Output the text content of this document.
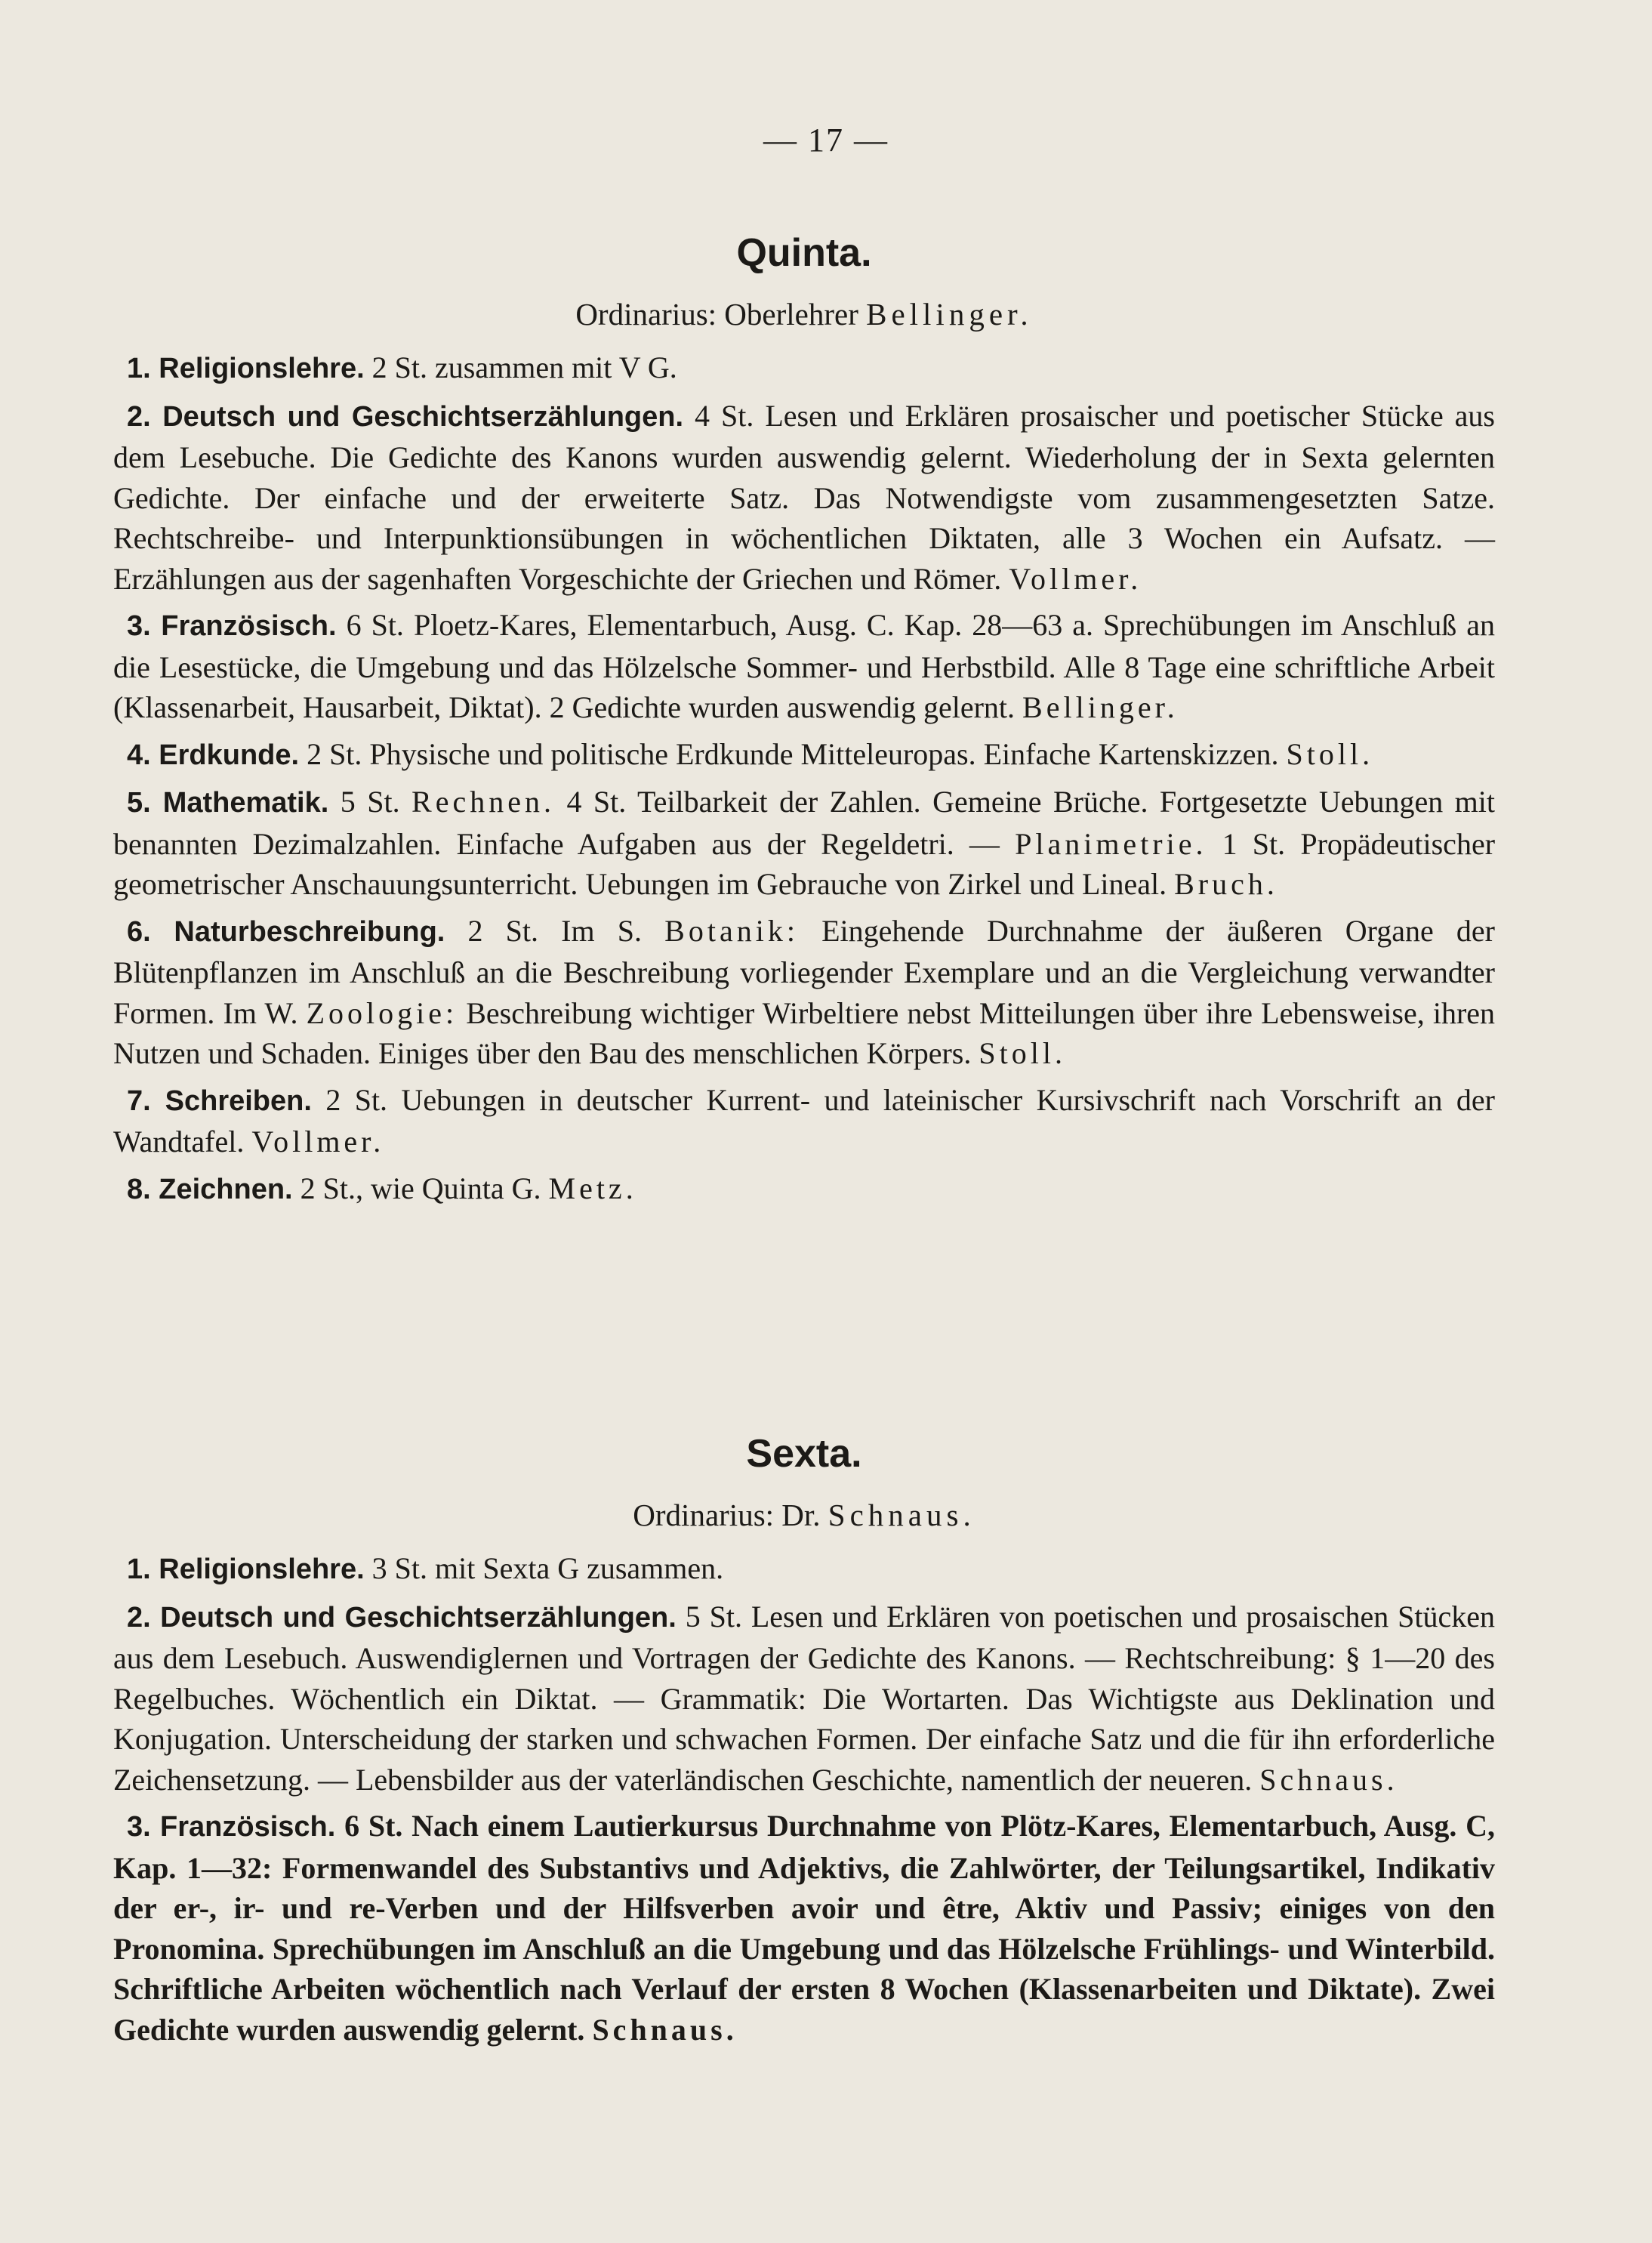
— 17 —
Quinta.
Ordinarius: Oberlehrer Bellinger.

1. Religionslehre. 2 St. zusammen mit V G.

2. Deutsch und Geschichtserzählungen. 4 St. Lesen und Erklären prosaischer und poetischer Stücke aus dem Lesebuche. Die Gedichte des Kanons wurden auswendig gelernt. Wiederholung der in Sexta gelernten Gedichte. Der einfache und der erweiterte Satz. Das Notwendigste vom zusammengesetzten Satze. Rechtschreibe- und Interpunktionsübungen in wöchentlichen Diktaten, alle 3 Wochen ein Aufsatz. — Erzählungen aus der sagenhaften Vorgeschichte der Griechen und Römer. Vollmer.

3. Französisch. 6 St. Ploetz-Kares, Elementarbuch, Ausg. C. Kap. 28—63 a. Sprechübungen im Anschluß an die Lesestücke, die Umgebung und das Hölzelsche Sommer- und Herbstbild. Alle 8 Tage eine schriftliche Arbeit (Klassenarbeit, Hausarbeit, Diktat). 2 Gedichte wurden auswendig gelernt. Bellinger.

4. Erdkunde. 2 St. Physische und politische Erdkunde Mitteleuropas. Einfache Kartenskizzen. Stoll.

5. Mathematik. 5 St. Rechnen. 4 St. Teilbarkeit der Zahlen. Gemeine Brüche. Fortgesetzte Uebungen mit benannten Dezimalzahlen. Einfache Aufgaben aus der Regeldetri. — Planimetrie. 1 St. Propädeutischer geometrischer Anschauungsunterricht. Uebungen im Gebrauche von Zirkel und Lineal. Bruch.

6. Naturbeschreibung. 2 St. Im S. Botanik: Eingehende Durchnahme der äußeren Organe der Blütenpflanzen im Anschluß an die Beschreibung vorliegender Exemplare und an die Vergleichung verwandter Formen. Im W. Zoologie: Beschreibung wichtiger Wirbeltiere nebst Mitteilungen über ihre Lebensweise, ihren Nutzen und Schaden. Einiges über den Bau des menschlichen Körpers. Stoll.

7. Schreiben. 2 St. Uebungen in deutscher Kurrent- und lateinischer Kursivschrift nach Vorschrift an der Wandtafel. Vollmer.

8. Zeichnen. 2 St., wie Quinta G. Metz.

Sexta.
Ordinarius: Dr. Schnaus.

1. Religionslehre. 3 St. mit Sexta G zusammen.

2. Deutsch und Geschichtserzählungen. 5 St. Lesen und Erklären von poetischen und prosaischen Stücken aus dem Lesebuch. Auswendiglernen und Vortragen der Gedichte des Kanons. — Rechtschreibung: § 1—20 des Regelbuches. Wöchentlich ein Diktat. — Grammatik: Die Wortarten. Das Wichtigste aus Deklination und Konjugation. Unterscheidung der starken und schwachen Formen. Der einfache Satz und die für ihn erforderliche Zeichensetzung. — Lebensbilder aus der vaterländischen Geschichte, namentlich der neueren. Schnaus.

3. Französisch. 6 St. Nach einem Lautierkursus Durchnahme von Plötz-Kares, Elementarbuch, Ausg. C, Kap. 1—32: Formenwandel des Substantivs und Adjektivs, die Zahlwörter, der Teilungsartikel, Indikativ der er-, ir- und re-Verben und der Hilfsverben avoir und être, Aktiv und Passiv; einiges von den Pronomina. Sprechübungen im Anschluß an die Umgebung und das Hölzelsche Frühlings- und Winterbild. Schriftliche Arbeiten wöchentlich nach Verlauf der ersten 8 Wochen (Klassenarbeiten und Diktate). Zwei Gedichte wurden auswendig gelernt. Schnaus.
